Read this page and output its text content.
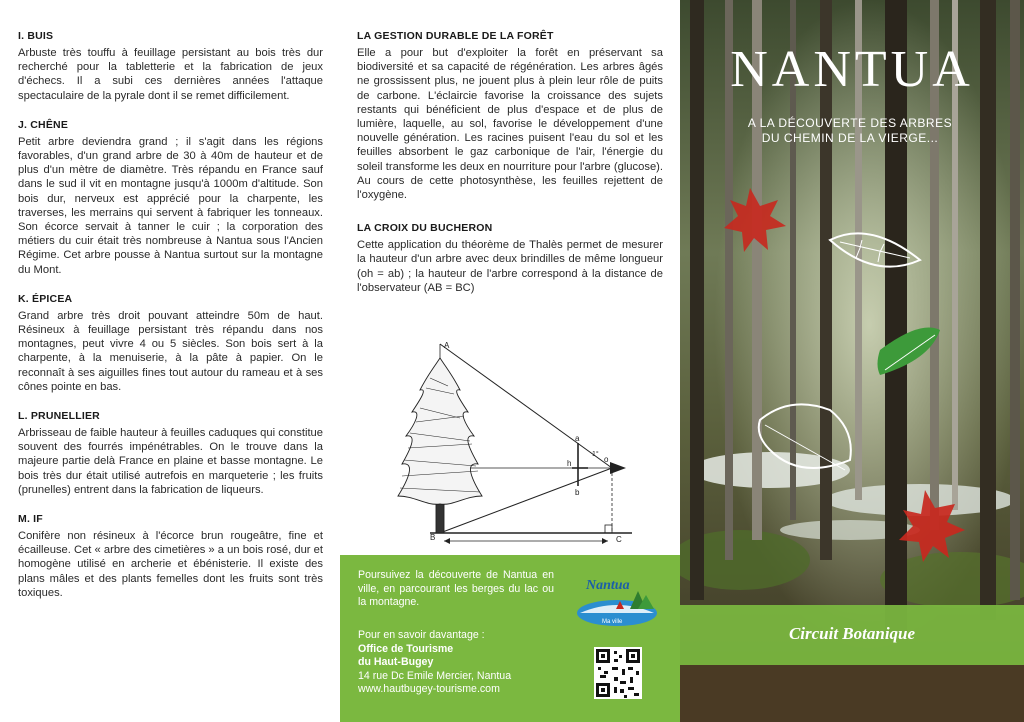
I. BUIS

Arbuste très touffu à feuillage persistant au bois très dur recherché pour la tabletterie et la fabrication de jeux d'échecs. Il a subi ces dernières années l'attaque spectaculaire de la pyrale dont il se remet difficilement.

J. CHÊNE

Petit arbre deviendra grand ; il s'agit dans les régions favorables, d'un grand arbre de 30 à 40m de hauteur et de plus d'un mètre de diamètre. Très répandu en France sauf dans le sud il vit en montagne jusqu'à 1000m d'altitude. Son bois dur, nerveux est apprécié pour la charpente, les traverses, les merrains qui servent à fabriquer les tonneaux. Son écorce servait à tanner le cuir ; la corporation des métiers du cuir était très nombreuse à Nantua sous l'Ancien Régime. Cet arbre pousse à Nantua surtout sur la montagne du Mont.

K. ÉPICEA

Grand arbre très droit pouvant atteindre 50m de haut. Résineux à feuillage persistant très répandu dans nos montagnes, peut vivre 4 ou 5 siècles. Son bois sert à la charpente, à la menuiserie, à la pâte à papier. On le reconnaît à ses aiguilles fines tout autour du rameau et à ses cônes pointe en bas.

L. PRUNELLIER

Arbrisseau de faible hauteur à feuilles caduques qui constitue souvent des fourrés impénétrables. On le trouve dans la majeure partie delà France en plaine et basse montagne. Le bois très dur était utilisé autrefois en marqueterie ; les fruits (prunelles) entrent dans la fabrication de liqueurs.

M. IF

Conifère non résineux à l'écorce brun rougeâtre, fine et écailleuse. Cet « arbre des cimetières » a un bois rosé, dur et homogène utilisé en archerie et ébénisterie. Il existe des plans mâles et des plants femelles dont les fruits sont très toxiques.

LA GESTION DURABLE DE LA FORÊT

Elle a pour but d'exploiter la forêt en préservant sa biodiversité et sa capacité de régénération. Les arbres âgés ne grossissent plus, ne jouent plus à plein leur rôle de puits de carbone. L'éclaircie favorise la croissance des sujets restants qui bénéficient de plus d'espace et de plus de lumière, laquelle, au sol, favorise le développement d'une nouvelle génération. Les racines puisent l'eau du sol et les feuilles absorbent le gaz carbonique de l'air, l'énergie du soleil transforme les deux en nourriture pour l'arbre (glucose). Au cours de cette photosynthèse, les feuilles rejettent de l'oxygène.

LA CROIX DU BUCHERON

Cette application du théorème de Thalès permet de mesurer la hauteur d'un arbre avec deux brindilles de même longueur (oh = ab) ; la hauteur de l'arbre correspond à la distance de l'observateur (AB = BC)

A
B	C
a
b
h	o
1°
Poursuivez la découverte de Nantua en ville, en parcourant les berges du lac ou la montagne.
Pour en savoir davantage :
Office de Tourisme
du Haut-Bugey
14 rue Dc Emile Mercier, Nantua
www.hautbugey-tourisme.com
Nantua
Ma ville
NANTUA
A LA DÉCOUVERTE DES ARBRES
DU CHEMIN DE LA VIERGE...
Circuit Botanique
